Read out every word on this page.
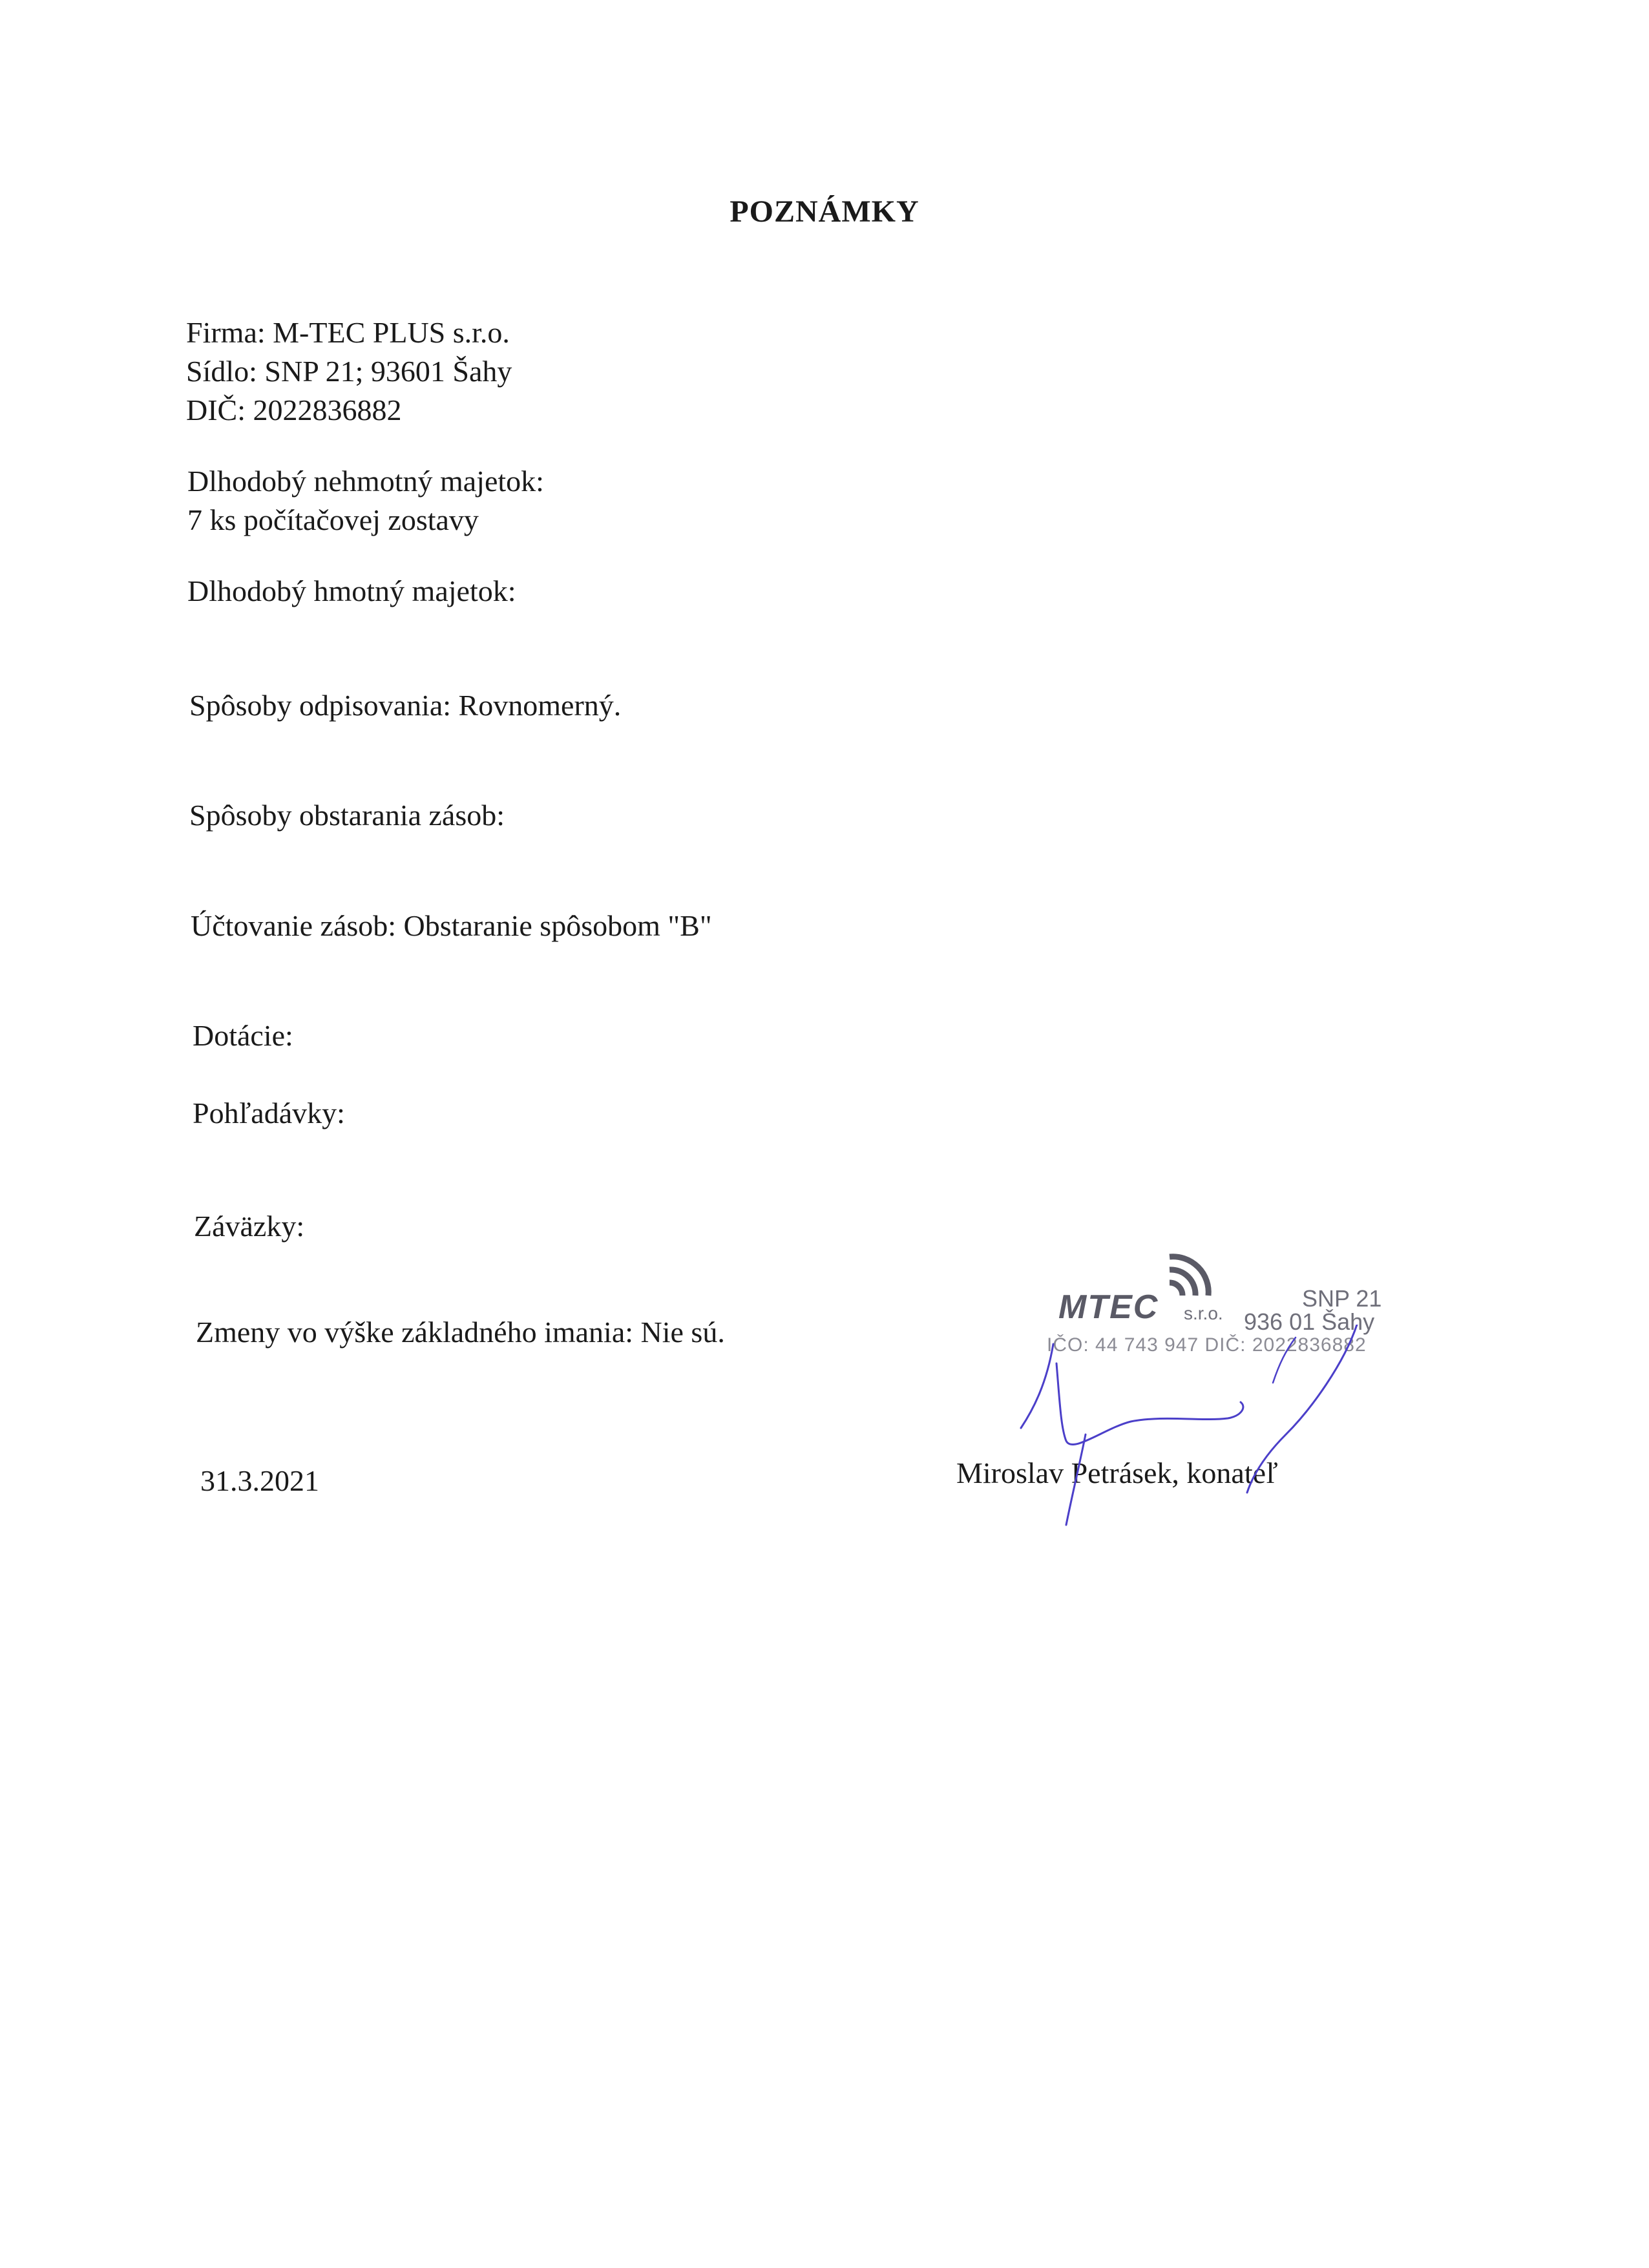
POZNÁMKY
Firma: M-TEC PLUS s.r.o.
Sídlo: SNP 21; 93601 Šahy
DIČ: 2022836882
Dlhodobý nehmotný majetok:
7 ks počítačovej zostavy
Dlhodobý hmotný majetok:
Spôsoby odpisovania: Rovnomerný.
Spôsoby obstarania zásob:
Účtovanie zásob: Obstaranie spôsobom "B"
Dotácie:
Pohľadávky:
Záväzky:
Zmeny vo výške základného imania: Nie sú.
31.3.2021	Miroslav Petrásek, konateľ
MTEC s.r.o.
SNP 21
936 01 Šahy
IČO: 44 743 947 DIČ: 2022836882
